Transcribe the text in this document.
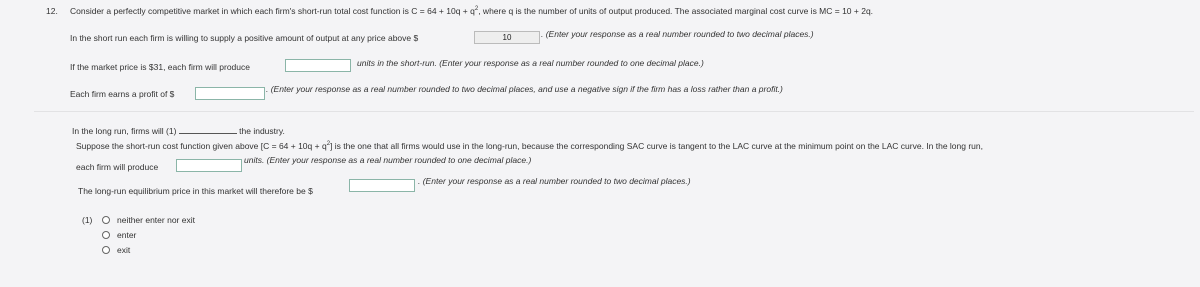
12. Consider a perfectly competitive market in which each firm's short-run total cost function is $C = 64 + 10q + q^2$, where q is the number of units of output produced. The associated marginal cost curve is MC = 10 + 2q.
In the short run each firm is willing to supply a positive amount of output at any price above $	10	. (Enter your response as a real number rounded to two decimal places.)
If the market price is $31, each firm will produce	units in the short-run. (Enter your response as a real number rounded to one decimal place.)
Each firm earns a profit of $	. (Enter your response as a real number rounded to two decimal places, and use a negative sign if the firm has a loss rather than a profit.)
In the long run, firms will (1)	the industry.
Suppose the short-run cost function given above $[C = 64 + 10q + q^2]$ is the one that all firms would use in the long-run, because the corresponding SAC curve is tangent to the LAC curve at the minimum point on the LAC curve. In the long run,
each firm will produce
units. (Enter your response as a real number rounded to one decimal place.)
The long-run equilibrium price in this market will therefore be $
. (Enter your response as a real number rounded to two decimal places.)
(1)	neither enter nor exit
enter
exit
